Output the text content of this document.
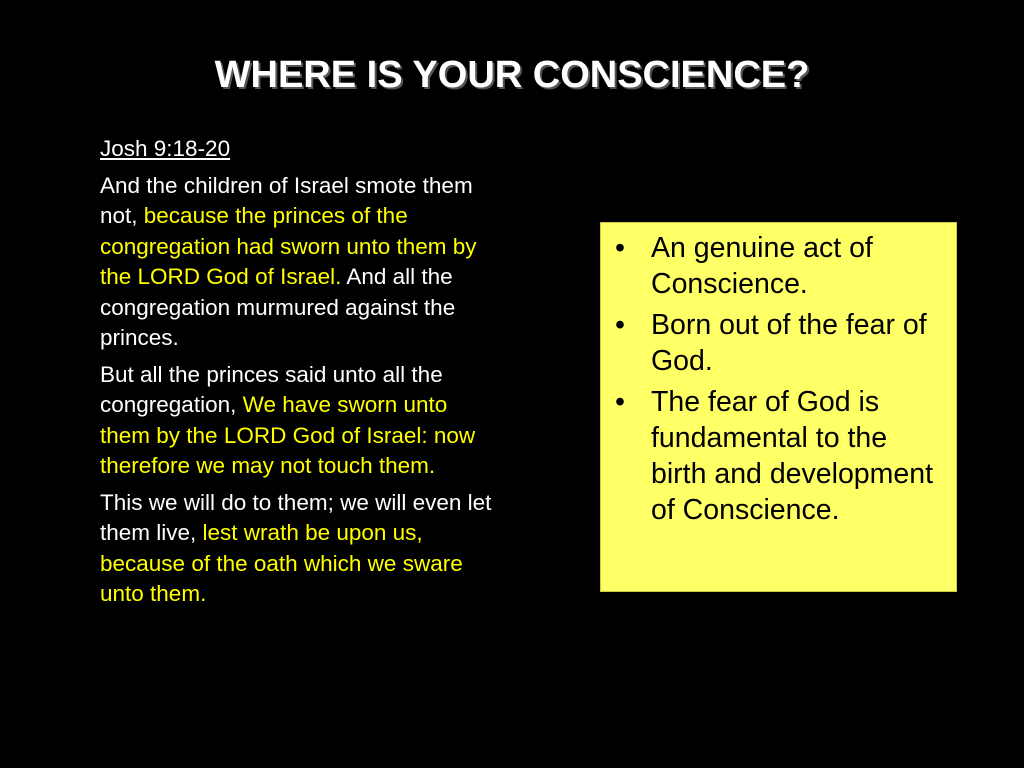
WHERE IS YOUR CONSCIENCE?

Josh 9:18-20

And the children of Israel smote them not, because the princes of the congregation had sworn unto them by the LORD God of Israel. And all the congregation murmured against the princes.

But all the princes said unto all the congregation, We have sworn unto them by the LORD God of Israel: now therefore we may not touch them.

This we will do to them; we will even let them live, lest wrath be upon us, because of the oath which we sware unto them.

• An genuine act of Conscience.
• Born out of the fear of God.
• The fear of God is fundamental to the birth and development of Conscience.
